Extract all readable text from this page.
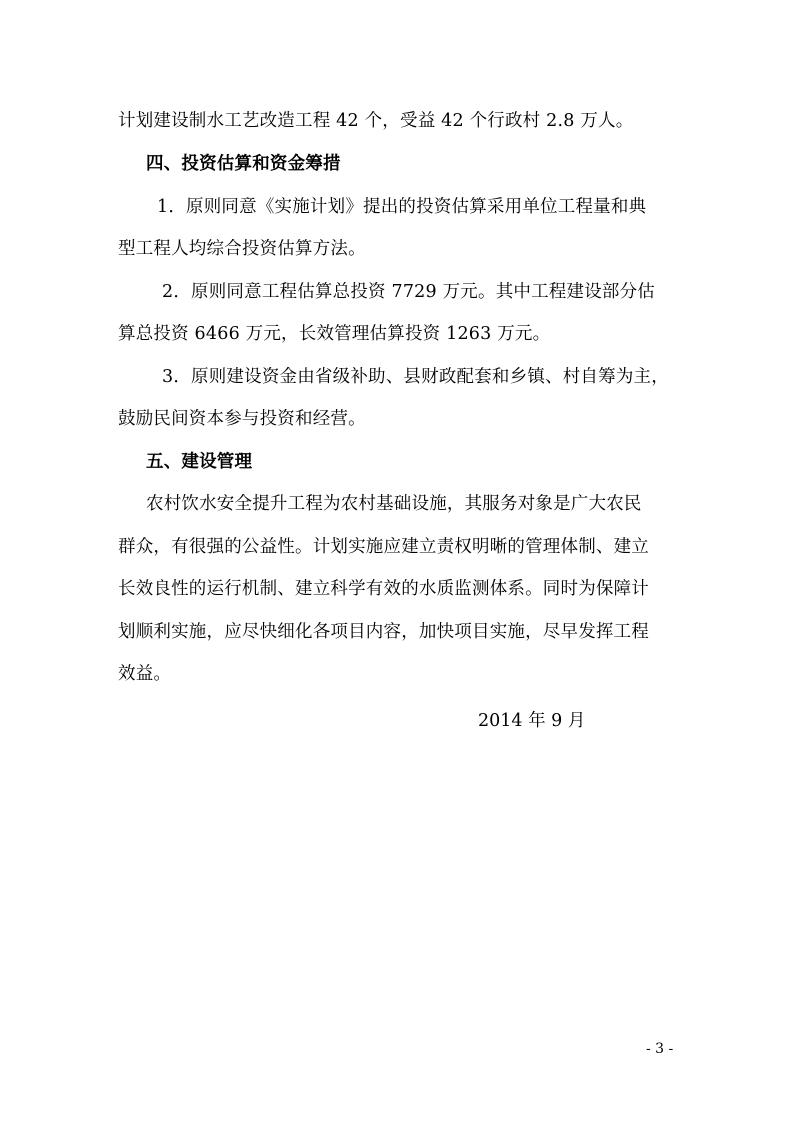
计划建设制水工艺改造工程 42 个，受益 42 个行政村 2.8 万人。
四、投资估算和资金筹措
1．原则同意《实施计划》提出的投资估算采用单位工程量和典
型工程人均综合投资估算方法。
2．原则同意工程估算总投资 7729 万元。其中工程建设部分估
算总投资 6466 万元，长效管理估算投资 1263 万元。
3．原则建设资金由省级补助、县财政配套和乡镇、村自筹为主，
鼓励民间资本参与投资和经营。
五、建设管理
农村饮水安全提升工程为农村基础设施，其服务对象是广大农民
群众，有很强的公益性。计划实施应建立责权明晰的管理体制、建立
长效良性的运行机制、建立科学有效的水质监测体系。同时为保障计
划顺利实施，应尽快细化各项目内容，加快项目实施，尽早发挥工程
效益。
2014 年 9 月
- 3 -
